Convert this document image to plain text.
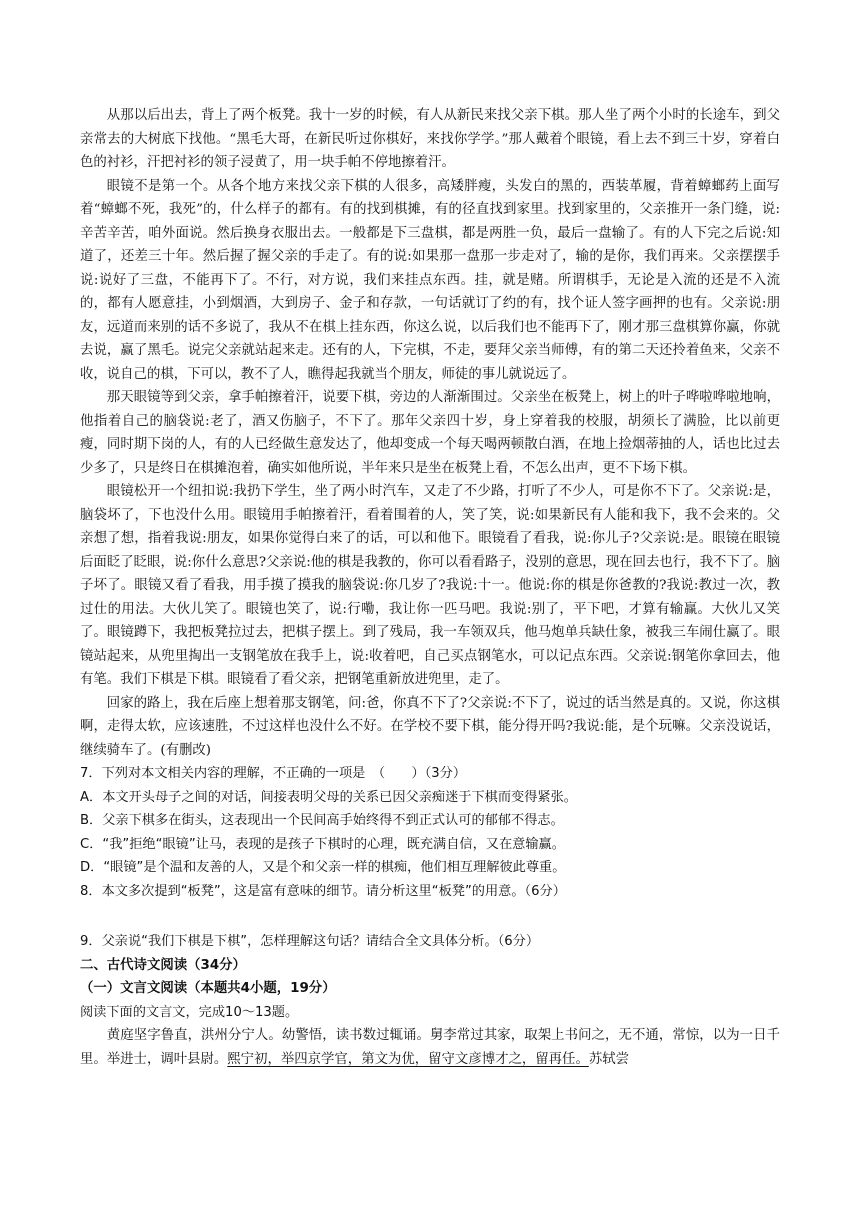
从那以后出去，背上了两个板凳。我十一岁的时候，有人从新民来找父亲下棋。那人坐了两个小时的长途车，到父亲常去的大树底下找他。“黑毛大哥，在新民听过你棋好，来找你学学。”那人戴着个眼镜，看上去不到三十岁，穿着白色的衬衫，汗把衬衫的领子浸黄了，用一块手帕不停地擦着汗。

眼镜不是第一个。从各个地方来找父亲下棋的人很多，高矮胖瘦，头发白的黑的，西装革履，背着蟑螂药上面写着“蟑螂不死，我死”的，什么样子的都有。有的找到棋摊，有的径直找到家里。找到家里的，父亲推开一条门缝，说:辛苦辛苦，咱外面说。然后换身衣服出去。一般都是下三盘棋，都是两胜一负，最后一盘输了。有的人下完之后说:知道了，还差三十年。然后握了握父亲的手走了。有的说:如果那一盘那一步走对了，输的是你，我们再来。父亲摆摆手说:说好了三盘，不能再下了。不行，对方说，我们来挂点东西。挂，就是赌。所谓棋手，无论是入流的还是不入流的，都有人愿意挂，小到烟酒，大到房子、金子和存款，一句话就订了约的有，找个证人签字画押的也有。父亲说:朋友，远道而来别的话不多说了，我从不在棋上挂东西，你这么说，以后我们也不能再下了，刚才那三盘棋算你赢，你就去说，赢了黑毛。说完父亲就站起来走。还有的人，下完棋，不走，要拜父亲当师傅，有的第二天还拎着鱼来，父亲不收，说自己的棋，下可以，教不了人，瞧得起我就当个朋友，师徒的事儿就说远了。

那天眼镜等到父亲，拿手帕擦着汗，说要下棋，旁边的人渐渐围过。父亲坐在板凳上，树上的叶子哗啦哗啦地响，他指着自己的脑袋说:老了，酒又伤脑子，不下了。那年父亲四十岁，身上穿着我的校服，胡须长了满脸，比以前更瘦，同时期下岗的人，有的人已经做生意发达了，他却变成一个每天喝两顿散白酒，在地上捡烟蒂抽的人，话也比过去少多了，只是终日在棋摊泡着，确实如他所说，半年来只是坐在板凳上看，不怎么出声，更不下场下棋。

眼镜松开一个纽扣说:我扔下学生，坐了两小时汽车，又走了不少路，打听了不少人，可是你不下了。父亲说:是，脑袋坏了，下也没什么用。眼镜用手帕擦着汗，看着围着的人，笑了笑，说:如果新民有人能和我下，我不会来的。父亲想了想，指着我说:朋友，如果你觉得白来了的话，可以和他下。眼镜看了看我，说:你儿子?父亲说:是。眼镜在眼镜后面眨了眨眼，说:你什么意思?父亲说:他的棋是我教的，你可以看看路子，没别的意思，现在回去也行，我不下了。脑子坏了。眼镜又看了看我，用手摸了摸我的脑袋说:你几岁了?我说:十一。他说:你的棋是你爸教的?我说:教过一次，教过仕的用法。大伙儿笑了。眼镜也笑了，说:行嘞，我让你一匹马吧。我说:别了，平下吧，才算有输赢。大伙儿又笑了。眼镜蹲下，我把板凳拉过去，把棋子摆上。到了残局，我一车领双兵，他马炮单兵缺仕象，被我三车闹仕赢了。眼镜站起来，从兜里掏出一支钢笔放在我手上，说:收着吧，自己买点钢笔水，可以记点东西。父亲说:钢笔你拿回去，他有笔。我们下棋是下棋。眼镜看了看父亲，把钢笔重新放进兜里，走了。

回家的路上，我在后座上想着那支钢笔，问:爸，你真不下了?父亲说:不下了，说过的话当然是真的。又说，你这棋啊，走得太软，应该速胜，不过这样也没什么不好。在学校不要下棋，能分得开吗?我说:能，是个玩嘛。父亲没说话，继续骑车了。(有删改)

7．下列对本文相关内容的理解，不正确的一项是　（　　）（3分）

A．本文开头母子之间的对话，间接表明父母的关系已因父亲痴迷于下棋而变得紧张。

B．父亲下棋多在街头，这表现出一个民间高手始终得不到正式认可的郁郁不得志。

C．“我”拒绝“眼镜”让马，表现的是孩子下棋时的心理，既充满自信，又在意输赢。

D．“眼镜”是个温和友善的人，又是个和父亲一样的棋痴，他们相互理解彼此尊重。

8．本文多次提到“板凳”，这是富有意味的细节。请分析这里“板凳”的用意。（6分）

9．父亲说“我们下棋是下棋”，怎样理解这句话？请结合全文具体分析。（6分）

二、古代诗文阅读（34分）

（一）文言文阅读（本题共4小题，19分）

阅读下面的文言文，完成10～13题。

黄庭坚字鲁直，洪州分宁人。幼警悟，读书数过辄诵。舅李常过其家，取架上书问之，无不通，常惊，以为一日千里。举进士，调叶县尉。熙宁初，举四京学官，第文为优，留守文彦博才之，留再任。苏轼尝
